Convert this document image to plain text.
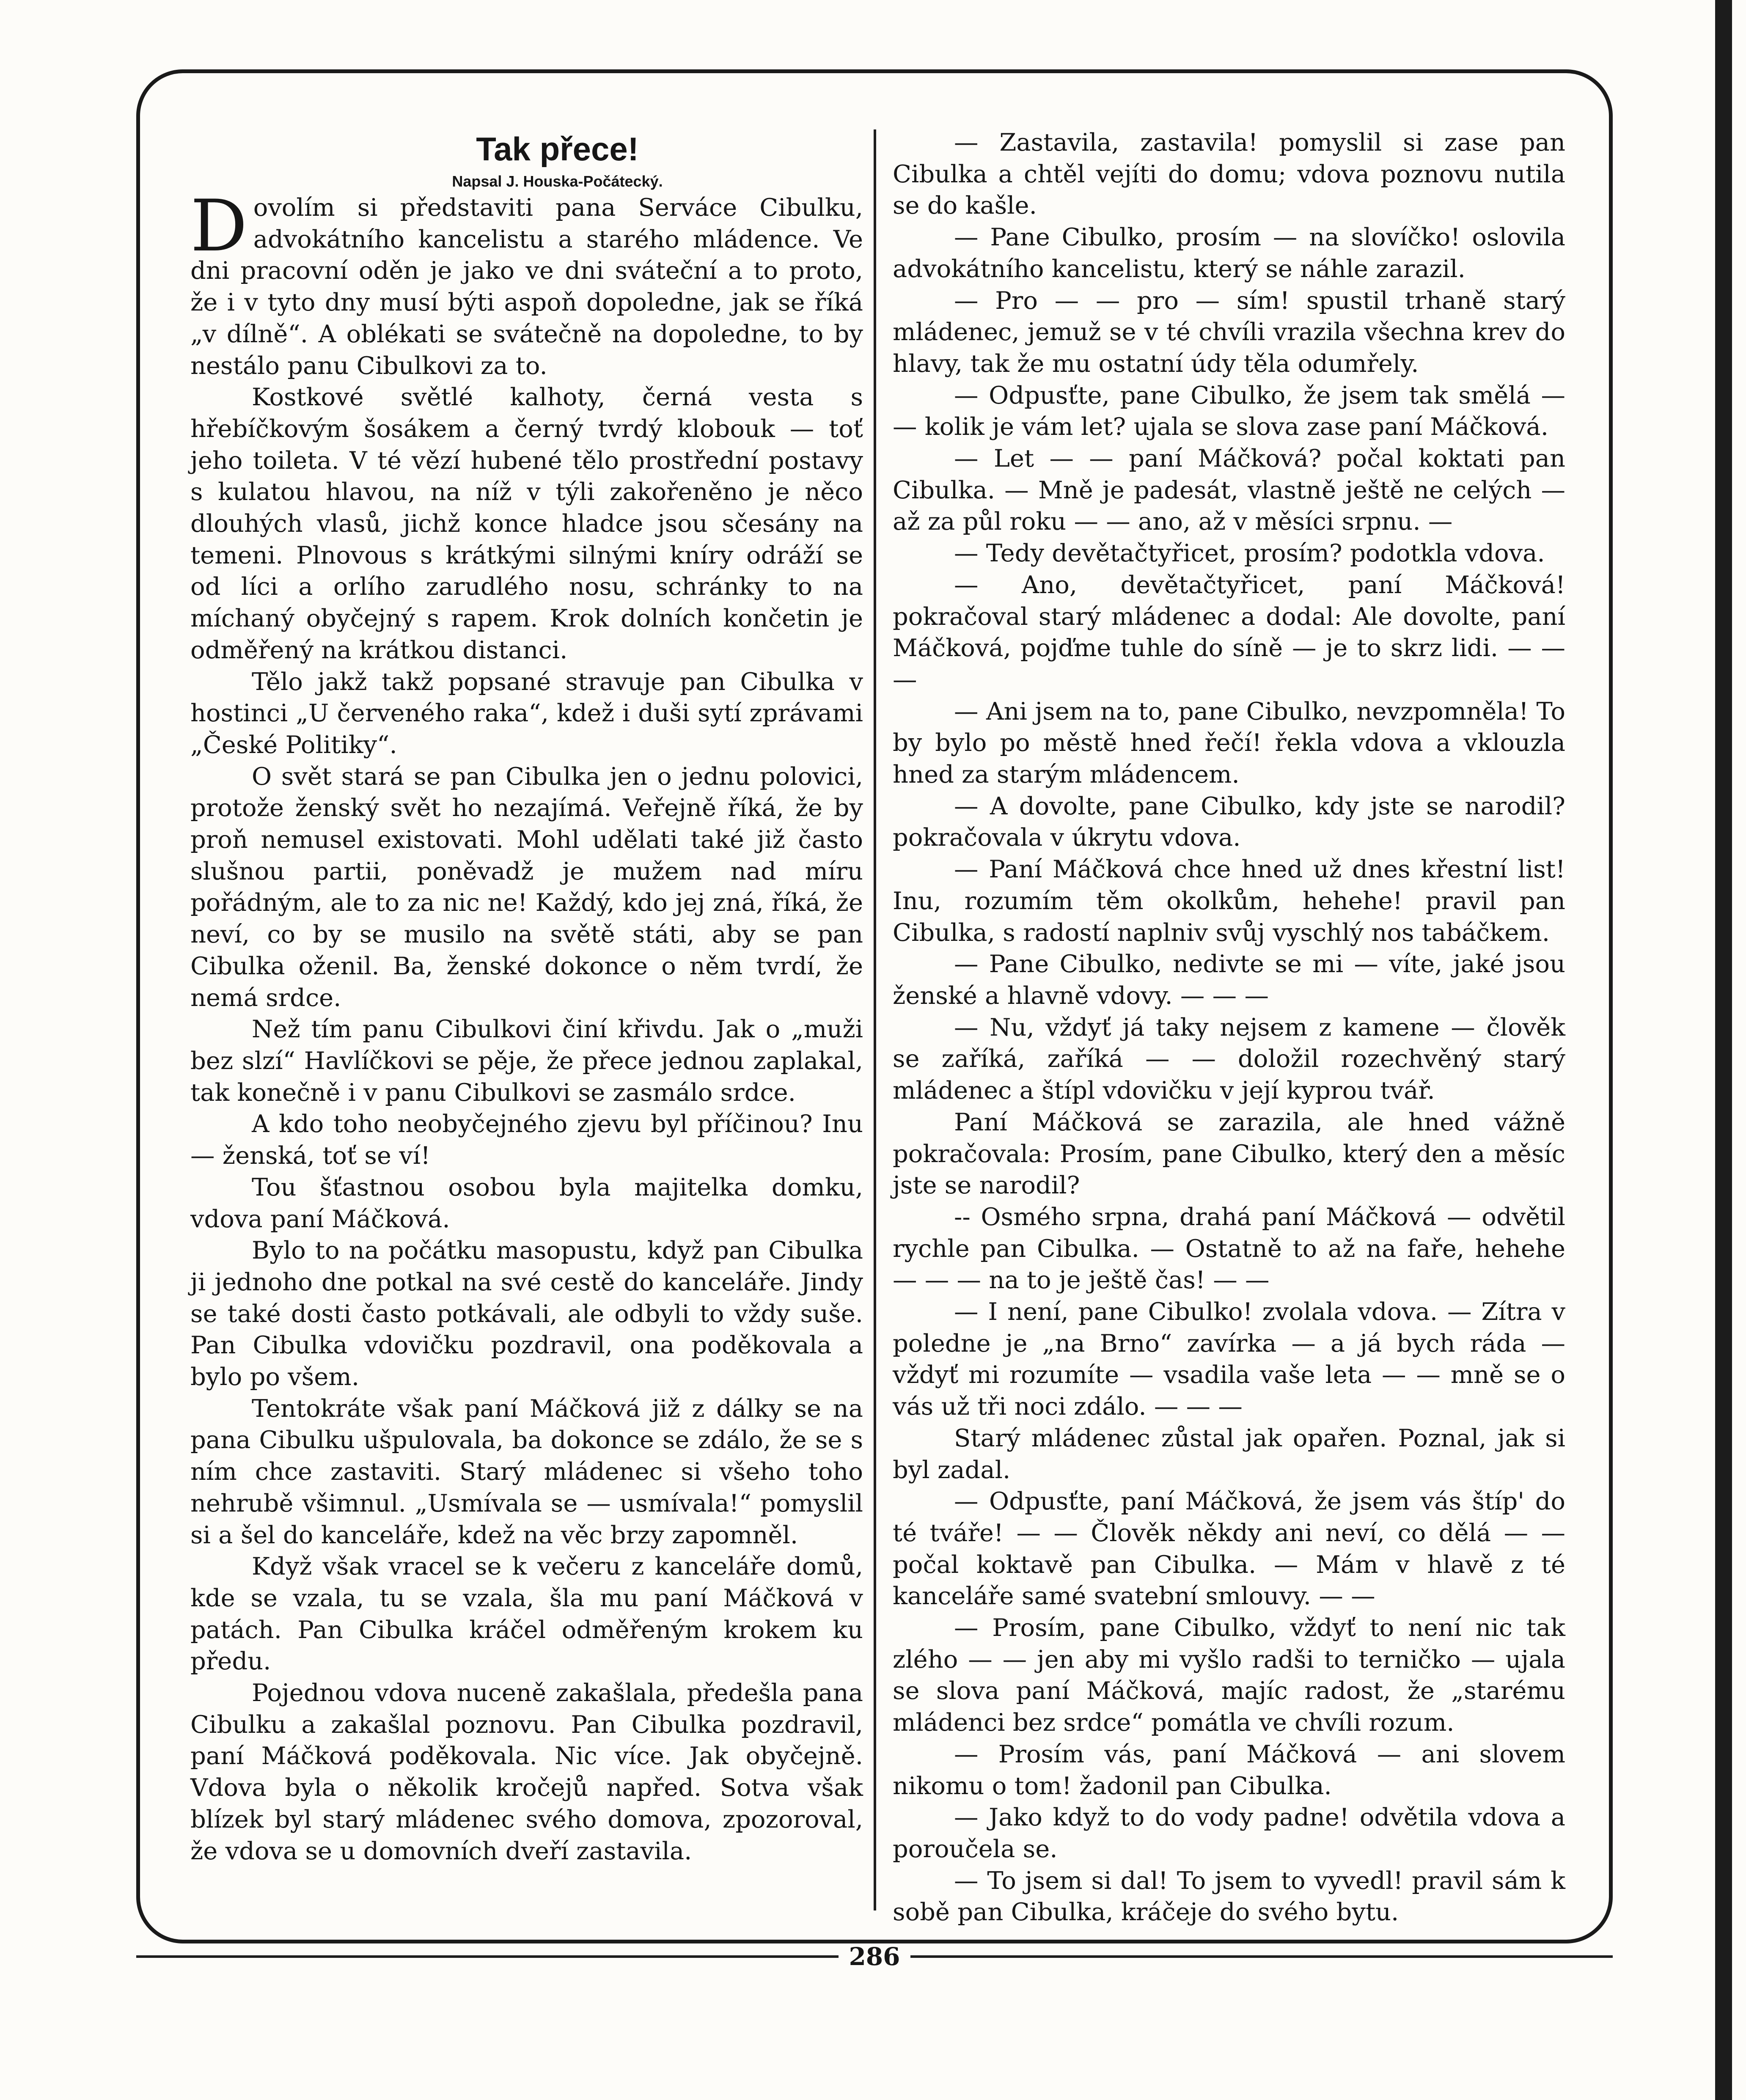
Tak přece!

Napsal J. Houska-Počátecký.

Dovolím si představiti pana Serváce Cibulku, advokátního kancelistu a starého mládence. Ve dni pracovní oděn je jako ve dni sváteční a to proto, že i v tyto dny musí býti aspoň dopoledne, jak se říká „v dílně“. A oblékati se svátečně na dopoledne, to by nestálo panu Cibulkovi za to.

Kostkové světlé kalhoty, černá vesta s hřebíčkovým šosákem a černý tvrdý klobouk — toť jeho toileta. V té vězí hubené tělo prostřední postavy s kulatou hlavou, na níž v týli zakořeněno je něco dlouhých vlasů, jichž konce hladce jsou sčesány na temeni. Plnovous s krátkými silnými kníry odráží se od líci a orlího zarudlého nosu, schránky to na míchaný obyčejný s rapem. Krok dolních končetin je odměřený na krátkou distanci.

Tělo jakž takž popsané stravuje pan Cibulka v hostinci „U červeného raka“, kdež i duši sytí zprávami „České Politiky“.

O svět stará se pan Cibulka jen o jednu polovici, protože ženský svět ho nezajímá. Veřejně říká, že by proň nemusel existovati. Mohl udělati také již často slušnou partii, poněvadž je mužem nad míru pořádným, ale to za nic ne! Každý, kdo jej zná, říká, že neví, co by se musilo na světě státi, aby se pan Cibulka oženil. Ba, ženské dokonce o něm tvrdí, že nemá srdce.

Než tím panu Cibulkovi činí křivdu. Jak o „muži bez slzí“ Havlíčkovi se pěje, že přece jednou zaplakal, tak konečně i v panu Cibulkovi se zasmálo srdce.

A kdo toho neobyčejného zjevu byl příčinou? Inu — ženská, toť se ví!

Tou šťastnou osobou byla majitelka domku, vdova paní Máčková.

Bylo to na počátku masopustu, když pan Cibulka ji jednoho dne potkal na své cestě do kanceláře. Jindy se také dosti často potkávali, ale odbyli to vždy suše. Pan Cibulka vdovičku pozdravil, ona poděkovala a bylo po všem.

Tentokráte však paní Máčková již z dálky se na pana Cibulku ušpulovala, ba dokonce se zdálo, že se s ním chce zastaviti. Starý mládenec si všeho toho nehrubě všimnul. „Usmívala se — usmívala!“ pomyslil si a šel do kanceláře, kdež na věc brzy zapomněl.

Když však vracel se k večeru z kanceláře domů, kde se vzala, tu se vzala, šla mu paní Máčková v patách. Pan Cibulka kráčel odměřeným krokem ku předu.

Pojednou vdova nuceně zakašlala, předešla pana Cibulku a zakašlal poznovu. Pan Cibulka pozdravil, paní Máčková poděkovala. Nic více. Jak obyčejně. Vdova byla o několik kročejů napřed. Sotva však blízek byl starý mládenec svého domova, zpozoroval, že vdova se u domovních dveří zastavila.

— Zastavila, zastavila! pomyslil si zase pan Cibulka a chtěl vejíti do domu; vdova poznovu nutila se do kašle.

— Pane Cibulko, prosím — na slovíčko! oslovila advokátního kancelistu, který se náhle zarazil.

— Pro — — pro — sím! spustil trhaně starý mládenec, jemuž se v té chvíli vrazila všechna krev do hlavy, tak že mu ostatní údy těla odumřely.

— Odpusťte, pane Cibulko, že jsem tak smělá — — kolik je vám let? ujala se slova zase paní Máčková.

— Let — — paní Máčková? počal koktati pan Cibulka. — Mně je padesát, vlastně ještě ne celých — až za půl roku — — ano, až v měsíci srpnu. —

— Tedy devětačtyřicet, prosím? podotkla vdova.

— Ano, devětačtyřicet, paní Máčková! pokračoval starý mládenec a dodal: Ale dovolte, paní Máčková, pojďme tuhle do síně — je to skrz lidi. — — —

— Ani jsem na to, pane Cibulko, nevzpomněla! To by bylo po městě hned řečí! řekla vdova a vklouzla hned za starým mládencem.

— A dovolte, pane Cibulko, kdy jste se narodil? pokračovala v úkrytu vdova.

— Paní Máčková chce hned už dnes křestní list! Inu, rozumím těm okolkům, hehehe! pravil pan Cibulka, s radostí naplniv svůj vyschlý nos tabáčkem.

— Pane Cibulko, nedivte se mi — víte, jaké jsou ženské a hlavně vdovy. — — —

— Nu, vždyť já taky nejsem z kamene — člověk se zaříká, zaříká — — doložil rozechvěný starý mládenec a štípl vdovičku v její kyprou tvář.

Paní Máčková se zarazila, ale hned vážně pokračovala: Prosím, pane Cibulko, který den a měsíc jste se narodil?

-- Osmého srpna, drahá paní Máčková — odvětil rychle pan Cibulka. — Ostatně to až na faře, hehehe — — — na to je ještě čas! — —

— I není, pane Cibulko! zvolala vdova. — Zítra v poledne je „na Brno“ zavírka — a já bych ráda — vždyť mi rozumíte — vsadila vaše leta — — mně se o vás už tři noci zdálo. — — —

Starý mládenec zůstal jak opařen. Poznal, jak si byl zadal.

— Odpusťte, paní Máčková, že jsem vás štíp' do té tváře! — — Člověk někdy ani neví, co dělá — — počal koktavě pan Cibulka. — Mám v hlavě z té kanceláře samé svatební smlouvy. — —

— Prosím, pane Cibulko, vždyť to není nic tak zlého — — jen aby mi vyšlo radši to terničko — ujala se slova paní Máčková, majíc radost, že „starému mládenci bez srdce“ pomátla ve chvíli rozum.

— Prosím vás, paní Máčková — ani slovem nikomu o tom! žadonil pan Cibulka.

— Jako když to do vody padne! odvětila vdova a poroučela se.

— To jsem si dal! To jsem to vyvedl! pravil sám k sobě pan Cibulka, kráčeje do svého bytu.

286
